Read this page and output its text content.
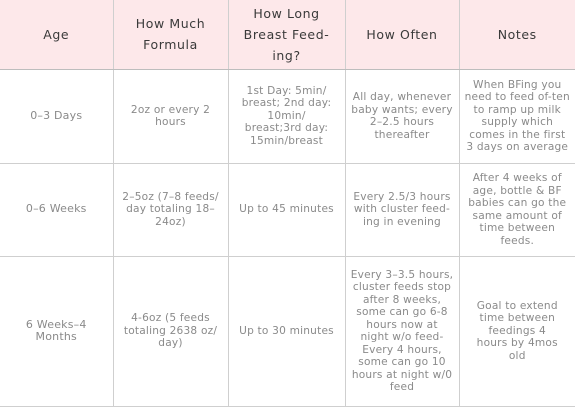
Age	How Much Formula	How Long Breast Feed-ing?	How Often	Notes
0–3 Days	2oz or every 2 hours	1st Day: 5min/ breast; 2nd day: 10min/ breast;3rd day: 15min/breast	All day, whenever baby wants; every 2–2.5 hours thereafter	When BFing you need to feed of-ten to ramp up milk supply which comes in the first 3 days on average
0–6 Weeks	2–5oz (7–8 feeds/ day totaling 18–24oz)	Up to 45 minutes	Every 2.5/3 hours with cluster feed-ing in evening	After 4 weeks of age, bottle & BF babies can go the same amount of time between feeds.
6 Weeks–4 Months	4-6oz (5 feeds totaling 2638 oz/ day)	Up to 30 minutes	Every 3–3.5 hours, cluster feeds stop after 8 weeks, some can go 6-8 hours now at night w/o feed-Every 4 hours, some can go 10 hours at night w/0 feed	Goal to extend time between feedings 4 hours by 4mos old
